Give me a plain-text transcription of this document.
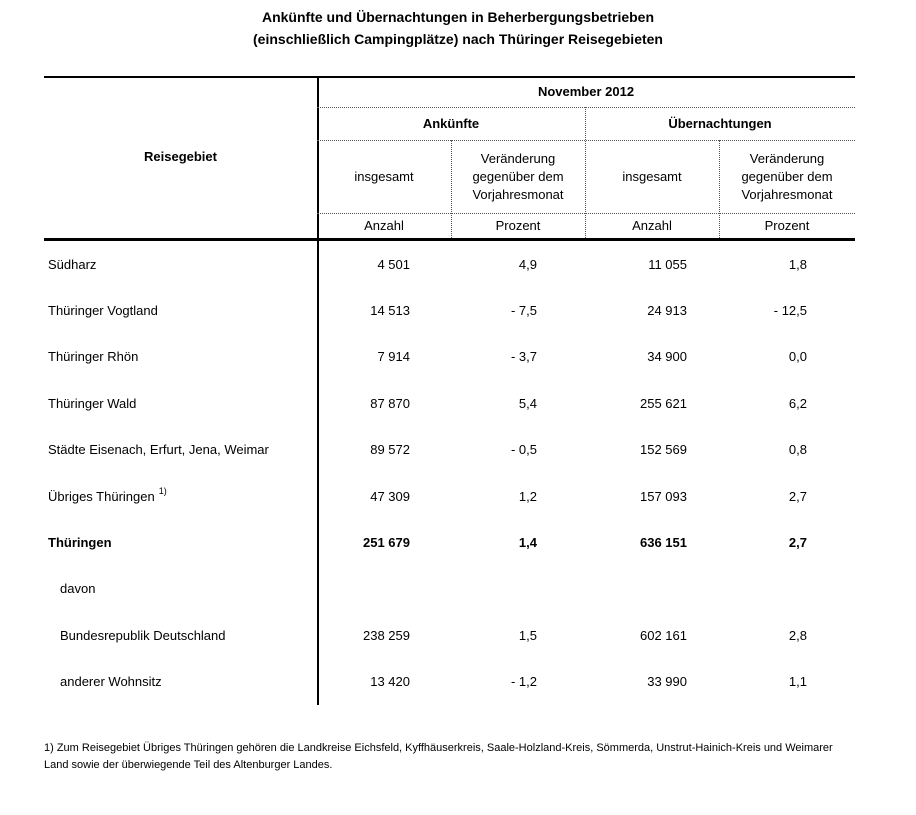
Ankünfte und Übernachtungen in Beherbergungsbetrieben
(einschließlich Campingplätze) nach Thüringer Reisegebieten
Reisegebiet
November 2012
Ankünfte	Übernachtungen
insgesamt
Veränderung gegenüber dem Vorjahresmonat
insgesamt
Veränderung gegenüber dem Vorjahresmonat
Anzahl	Prozent	Anzahl	Prozent
Südharz	4 501	4,9	11 055	1,8
Thüringer Vogtland	14 513	- 7,5	24 913	- 12,5
Thüringer Rhön	7 914	- 3,7	34 900	0,0
Thüringer Wald	87 870	5,4	255 621	6,2
Städte Eisenach, Erfurt, Jena, Weimar	89 572	- 0,5	152 569	0,8
Übriges Thüringen $^{1)}$	47 309	1,2	157 093	2,7
Thüringen	251 679	1,4	636 151	2,7
davon
Bundesrepublik Deutschland	238 259	1,5	602 161	2,8
anderer Wohnsitz	13 420	- 1,2	33 990	1,1
1) Zum Reisegebiet Übriges Thüringen gehören die Landkreise Eichsfeld, Kyffhäuserkreis, Saale-Holzland-Kreis, Sömmerda, Unstrut-Hainich-Kreis und Weimarer Land sowie der überwiegende Teil des Altenburger Landes.
